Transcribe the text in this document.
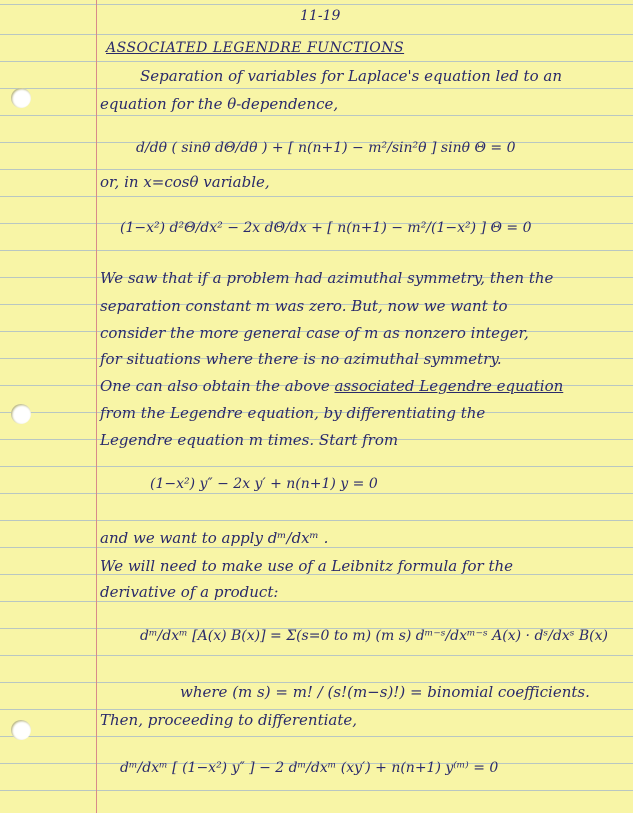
11-19
ASSOCIATED LEGENDRE FUNCTIONS
Separation of variables for Laplace's equation led to an
equation for the θ-dependence,
d/dθ ( sinθ dΘ/dθ ) + [ n(n+1) − m²/sin²θ ] sinθ Θ = 0
or, in x=cosθ variable,
(1−x²) d²Θ/dx² − 2x dΘ/dx + [ n(n+1) − m²/(1−x²) ] Θ = 0
We saw that if a problem had azimuthal symmetry, then the
separation constant m was zero. But, now we want to
consider the more general case of m as nonzero integer,
for situations where there is no azimuthal symmetry.
One can also obtain the above associated Legendre equation
from the Legendre equation, by differentiating the
Legendre equation m times. Start from
(1−x²) y″ − 2x y′ + n(n+1) y = 0
and we want to apply dᵐ/dxᵐ .
We will need to make use of a Leibnitz formula for the
derivative of a product:
dᵐ/dxᵐ [A(x) B(x)] = Σ(s=0 to m) (m s) dᵐ⁻ˢ/dxᵐ⁻ˢ A(x) · dˢ/dxˢ B(x)
where (m s) = m! / (s!(m−s)!) = binomial coefficients.
Then, proceeding to differentiate,
dᵐ/dxᵐ [ (1−x²) y″ ] − 2 dᵐ/dxᵐ (xy′) + n(n+1) y⁽ᵐ⁾ = 0
